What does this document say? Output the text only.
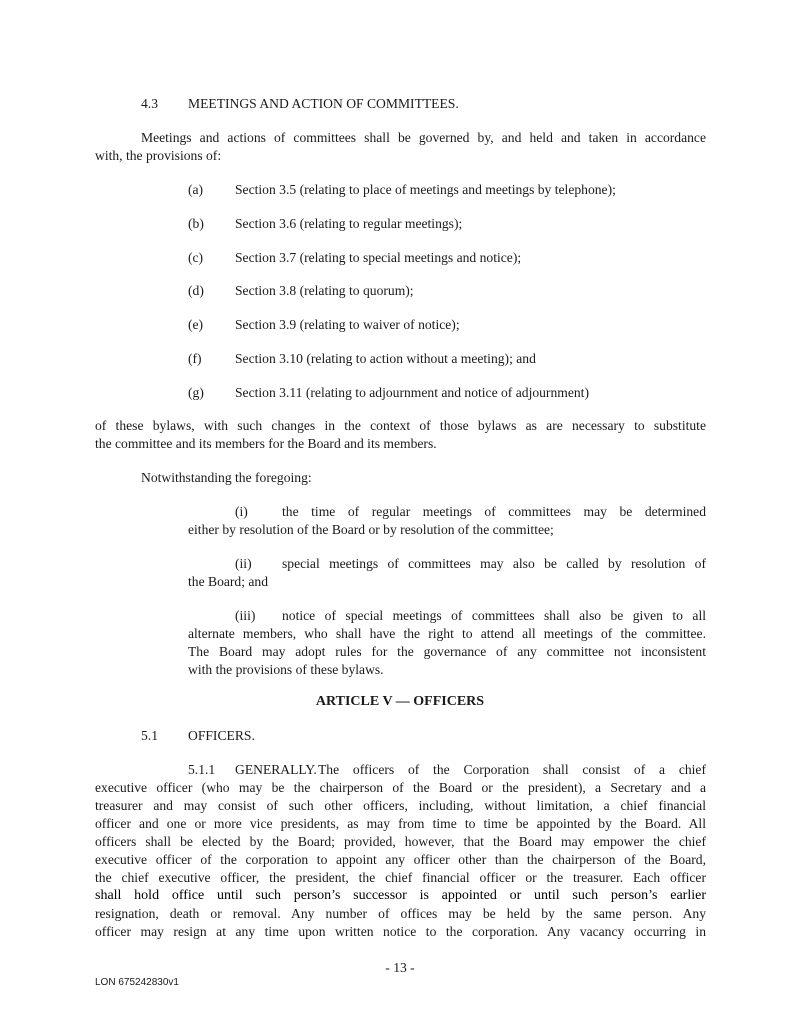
4.3 MEETINGS AND ACTION OF COMMITTEES.
Meetings and actions of committees shall be governed by, and held and taken in accordance
with, the provisions of:
(a) Section 3.5 (relating to place of meetings and meetings by telephone);
(b) Section 3.6 (relating to regular meetings);
(c) Section 3.7 (relating to special meetings and notice);
(d) Section 3.8 (relating to quorum);
(e) Section 3.9 (relating to waiver of notice);
(f) Section 3.10 (relating to action without a meeting); and
(g) Section 3.11 (relating to adjournment and notice of adjournment)
of these bylaws, with such changes in the context of those bylaws as are necessary to substitute
the committee and its members for the Board and its members.
Notwithstanding the foregoing:
(i)	the time of regular meetings of committees may be determined
either by resolution of the Board or by resolution of the committee;
(ii) special meetings of committees may also be called by resolution of
the Board; and
(iii) notice of special meetings of committees shall also be given to all
alternate members, who shall have the right to attend all meetings of the committee.
The Board may adopt rules for the governance of any committee not inconsistent
with the provisions of these bylaws.
ARTICLE V — OFFICERS
5.1 OFFICERS.
5.1.1 GENERALLY. The officers of the Corporation shall consist of a chief
executive officer (who may be the chairperson of the Board or the president), a Secretary and a
treasurer and may consist of such other officers, including, without limitation, a chief financial
officer and one or more vice presidents, as may from time to time be appointed by the Board. All
officers shall be elected by the Board; provided, however, that the Board may empower the chief
executive officer of the corporation to appoint any officer other than the chairperson of the Board,
the chief executive officer, the president, the chief financial officer or the treasurer. Each officer
shall hold office until such person’s successor is appointed or until such person’s earlier
resignation, death or removal. Any number of offices may be held by the same person. Any
officer may resign at any time upon written notice to the corporation. Any vacancy occurring in
- 13 -
LON 675242830v1
